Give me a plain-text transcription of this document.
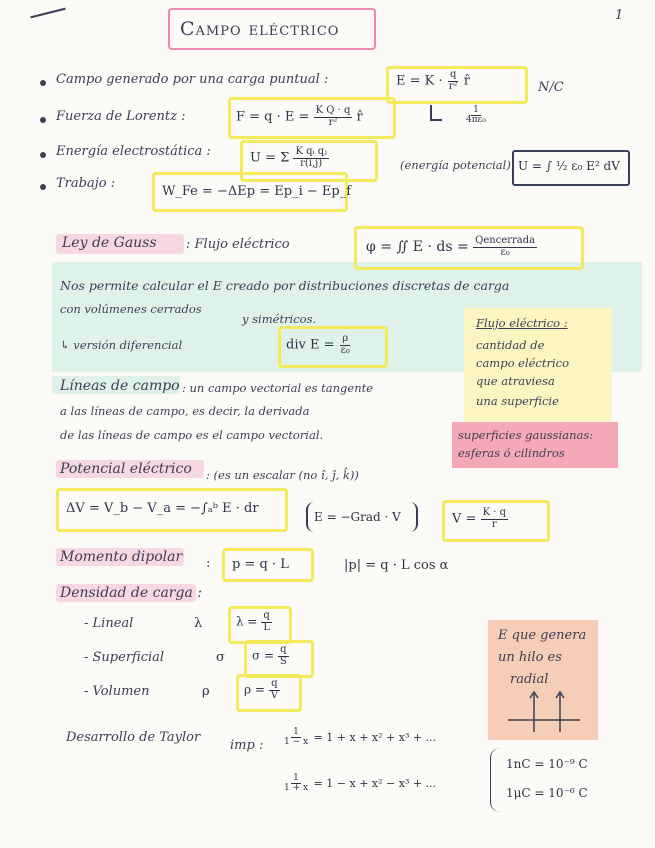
1
Campo eléctrico
Campo generado por una carga puntual :	$E = K \cdot \frac{q}{\text{r²}}$ r̂	N/C
$\frac{1}{\text{4πε₀}}$
Fuerza de Lorentz :	$F = q \cdot E = \frac{\text{K Q · q}}{\text{r²}}$ r̂
Energía electrostática :	U = Σ $\frac{\text{K qᵢ qⱼ}}{r(i,j)}$	(energía potencial) U = ∫ ½ ε₀ E² dV
Trabajo :
W_Fe = −ΔEp = Ep_i − Ep_f
Ley de Gauss : Flujo eléctrico	φ = ∬ E · ds = $\frac{\text{Qencerrada}}{\text{ε₀}}$
Nos permite calcular el E creado por distribuciones discretas de carga
con volúmenes cerrados
y simétricos.
↳ versión diferencial	div $E = \frac{\rho}{\text{ε₀}}$
Flujo eléctrico :
cantidad de
campo eléctrico
que atraviesa
una superficie
Líneas de campo : un campo vectorial es tangente
a las líneas de campo, es decir, la derivada
de las líneas de campo es el campo vectorial.	superficies gaussianas:
esferas ó cilindros
Potencial eléctrico : (es un escalar (no î, ĵ, k̂))
ΔV = V_b − V_a = −∫ₐᵇ E · dr
E = −Grad · V	$V = \frac{K \cdot q}{r}$
Momento dipolar : p = q · L	|p| = q · L cos α
Densidad de carga :
- Lineal	λ	$\lambda = \frac{q}{L}$
- Superficial	σ $\sigma = \frac{q}{S}$
- Volumen	ρ	$\rho = \frac{q}{V}$
E que genera
un hilo es
radial
Desarrollo de Taylor
imp : $\frac{1}{1 - x} = 1 + x + x^2 + x^3$ + ...
$\frac{1}{1 + x} = 1 - x + x^2 - x^3$ + ...
1nC = 10⁻⁹ C
1μC = 10⁻⁶ C
